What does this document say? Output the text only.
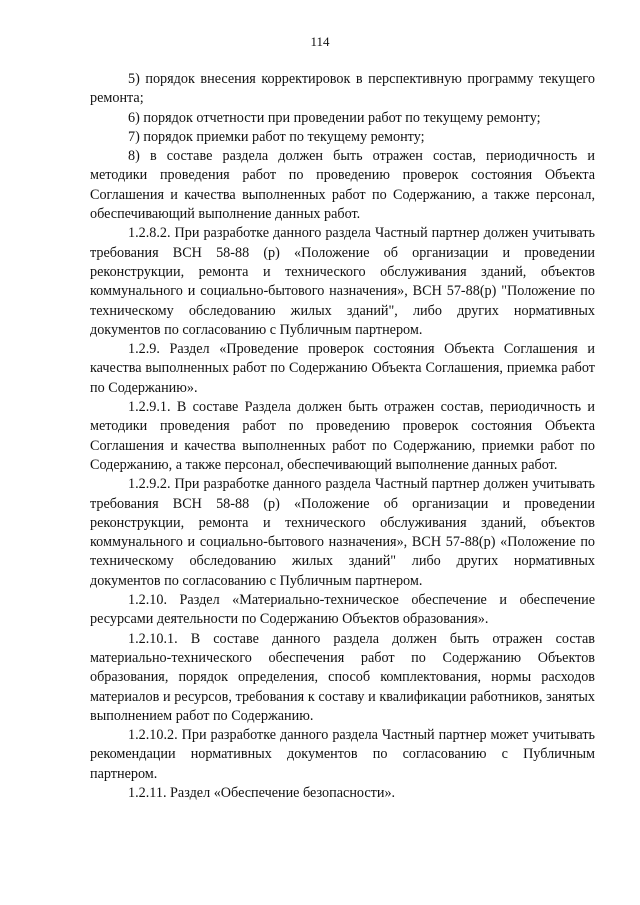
114

5) порядок внесения корректировок в перспективную программу текущего ремонта;

6) порядок отчетности при проведении работ по текущему ремонту;

7) порядок приемки работ по текущему ремонту;

8) в составе раздела должен быть отражен состав, периодичность и методики проведения работ по проведению проверок состояния Объекта Соглашения и качества выполненных работ по Содержанию, а также персонал, обеспечивающий выполнение данных работ.

1.2.8.2. При разработке данного раздела Частный партнер должен учитывать требования ВСН 58-88 (р) «Положение об организации и проведении реконструкции, ремонта и технического обслуживания зданий, объектов коммунального и социально-бытового назначения», ВСН 57-88(р) "Положение по техническому обследованию жилых зданий", либо других нормативных документов по согласованию с Публичным партнером.

1.2.9. Раздел «Проведение проверок состояния Объекта Соглашения и качества выполненных работ по Содержанию Объекта Соглашения, приемка работ по Содержанию».

1.2.9.1. В составе Раздела должен быть отражен состав, периодичность и методики проведения работ по проведению проверок состояния Объекта Соглашения и качества выполненных работ по Содержанию, приемки работ по Содержанию, а также персонал, обеспечивающий выполнение данных работ.

1.2.9.2. При разработке данного раздела Частный партнер должен учитывать требования ВСН 58-88 (р) «Положение об организации и проведении реконструкции, ремонта и технического обслуживания зданий, объектов коммунального и социально-бытового назначения», ВСН 57-88(р) «Положение по техническому обследованию жилых зданий" либо других нормативных документов по согласованию с Публичным партнером.

1.2.10. Раздел «Материально-техническое обеспечение и обеспечение ресурсами деятельности по Содержанию Объектов образования».

1.2.10.1. В составе данного раздела должен быть отражен состав материально-технического обеспечения работ по Содержанию Объектов образования, порядок определения, способ комплектования, нормы расходов материалов и ресурсов, требования к составу и квалификации работников, занятых выполнением работ по Содержанию.

1.2.10.2. При разработке данного раздела Частный партнер может учитывать рекомендации нормативных документов по согласованию с Публичным партнером.

1.2.11. Раздел «Обеспечение безопасности».
